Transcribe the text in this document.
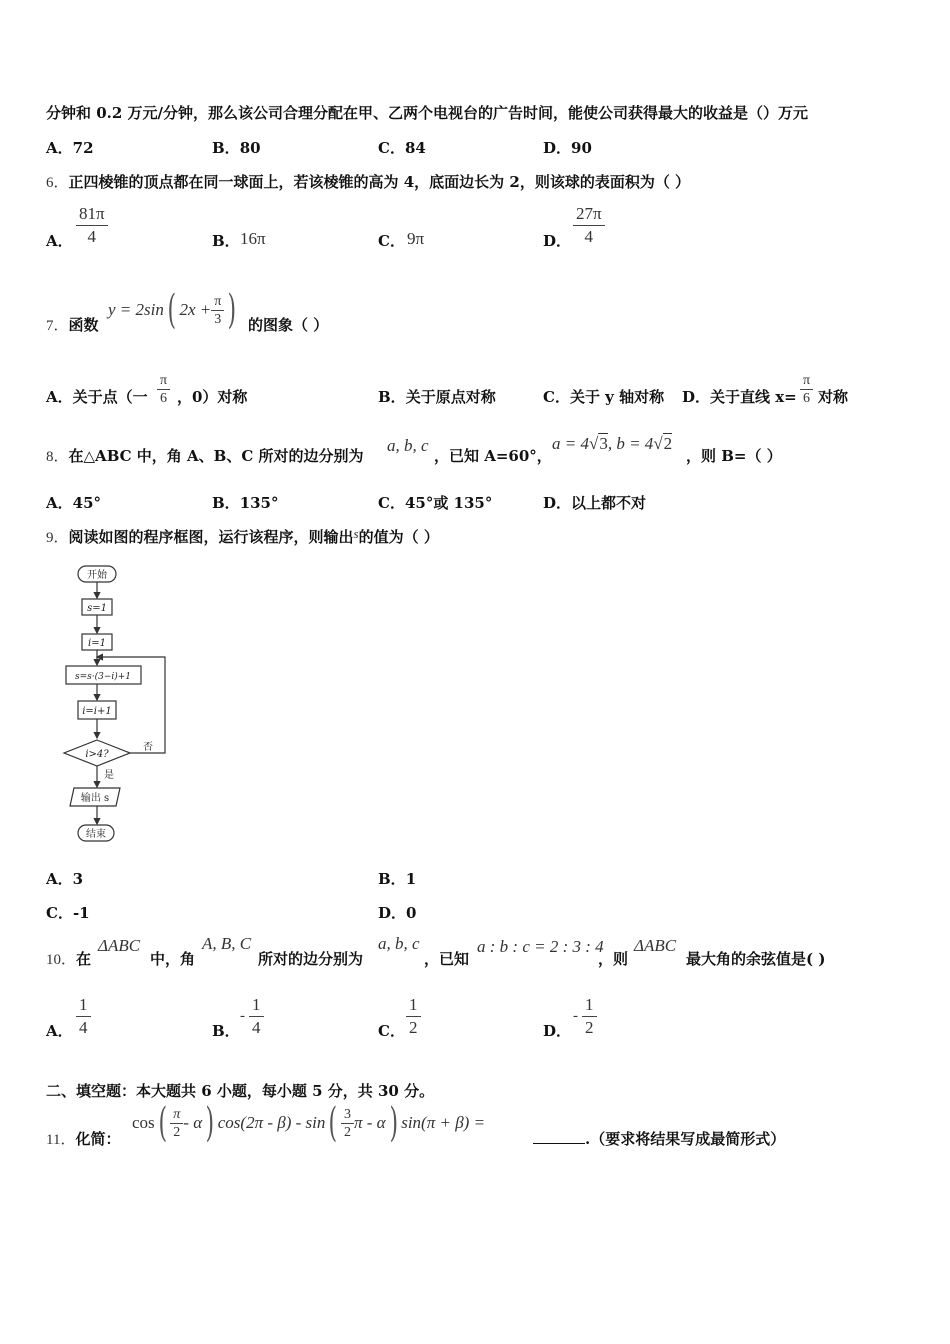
分钟和 0.2 万元/分钟，那么该公司合理分配在甲、乙两个电视台的广告时间，能使公司获得最大的收益是（）万元
A．72	B．80	C．84	D．90
6．正四棱锥的顶点都在同一球面上，若该棱锥的高为 4，底面边长为 2，则该球的表面积为（ ）
A． $\frac{81\pi}{4}$	B． 16π	C． 9π	D． $\frac{27\pi}{4}$
7．函数
y = 2sin( $2x + \frac{\pi}{3}$ ) 的图象（ ）
A．关于点（一 $\frac{\pi}{6}$ ，0）对称	B．关于原点对称	C．关于 y 轴对称 D．关于直线 $x= \frac{\pi}{6}$ 对称
8．在△ABC 中，角 A、B、C 所对的边分别为
a, b, c
，已知 A=60°，
a = 4√3, b = 4√2
，则 B=（ ）
A．45°	B．135°	C．45°或 135°	D．以上都不对
9．阅读如图的程序框图，运行该程序，则输出s的值为（ ）
开始
s=1
i=1
s=s·(3−i)+1
i=i+1
i>4?
否
是
输出 s
结束
A．3	B．1
C．-1	D．0
10．在
ΔABC
中，角
A, B, C
所对的边分别为
a, b, c
，已知
a : b : c = 2 : 3 : 4
，则
ΔABC
最大角的余弦值是( )
A． $\frac{1}{4}$	B．
- $\frac{1}{4}$	C． $\frac{1}{2}$	D．
- $\frac{1}{2}$
二、填空题：本大题共 6 小题，每小题 5 分，共 30 分。
11．化简：
$\cos( \frac{\pi}{2} - \alpha)$ $\cos(2\pi - \beta) - \sin( \frac{3}{2}$ π - α) sin(π + β) =
.（要求将结果写成最简形式）
